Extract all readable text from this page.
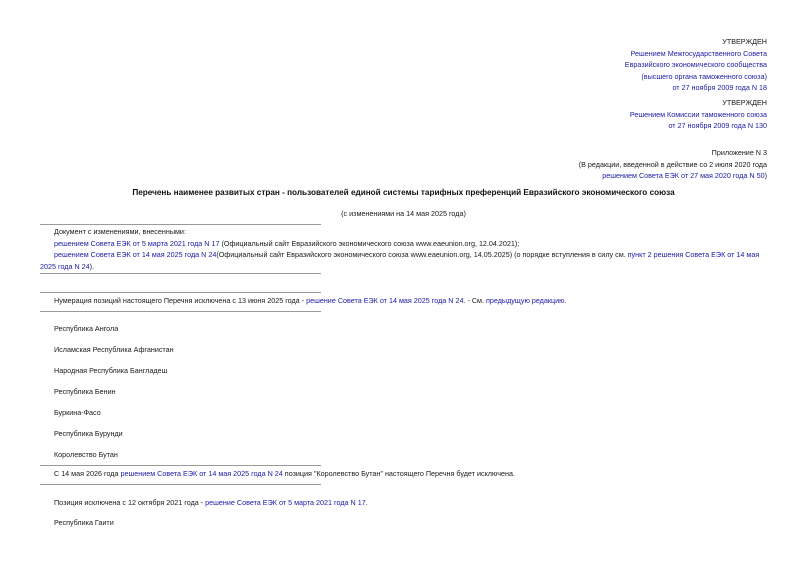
УТВЕРЖДЕН
Решением Межгосударственного Совета
Евразийского экономического сообщества
(высшего органа таможенного союза)
от 27 ноября 2009 года N 18
УТВЕРЖДЕН
Решением Комиссии таможенного союза
от 27 ноября 2009 года N 130
Приложение N 3
(В редакции, введенной в действие со 2 июля 2020 года
решением Совета ЕЭК от 27 мая 2020 года N 50)
Перечень наименее развитых стран - пользователей единой системы тарифных преференций Евразийского экономического союза
(с изменениями на 14 мая 2025 года)
Документ с изменениями, внесенными:
решением Совета ЕЭК от 5 марта 2021 года N 17 (Официальный сайт Евразийского экономического союза www.eaeunion.org, 12.04.2021);
решением Совета ЕЭК от 14 мая 2025 года N 24(Официальный сайт Евразийского экономического союза www.eaeunion.org, 14.05.2025) (о порядке вступления в силу см. пункт 2 решения Совета ЕЭК от 14 мая 2025 года N 24).
Нумерация позиций настоящего Перечня исключена с 13 июня 2025 года - решение Совета ЕЭК от 14 мая 2025 года N 24. - См. предыдущую редакцию.
Республика Ангола
Исламская Республика Афганистан
Народная Республика Бангладеш
Республика Бенин
Буркина-Фасо
Республика Бурунди
Королевство Бутан
С 14 мая 2026 года решением Совета ЕЭК от 14 мая 2025 года N 24 позиция "Королевство Бутан" настоящего Перечня будет исключена.
Позиция исключена с 12 октября 2021 года - решение Совета ЕЭК от 5 марта 2021 года N 17.
Республика Гаити
